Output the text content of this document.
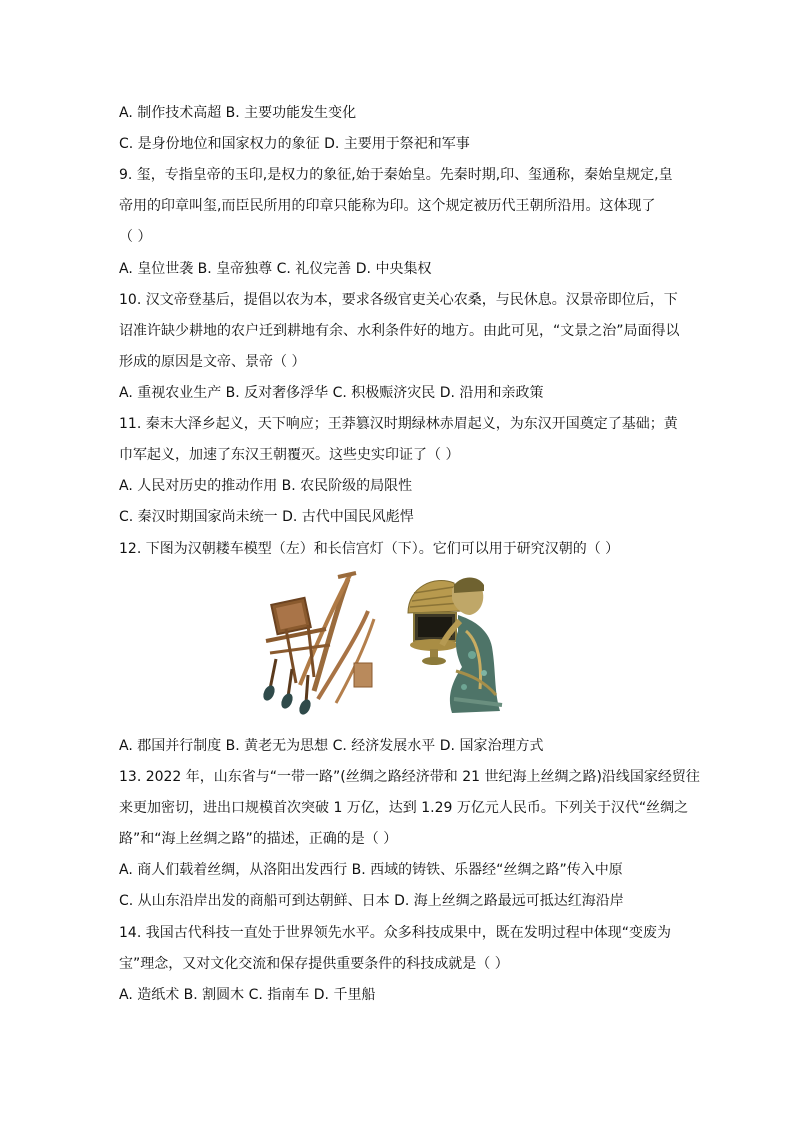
A. 制作技术高超 B. 主要功能发生变化
C. 是身份地位和国家权力的象征 D. 主要用于祭祀和军事
9. 玺，专指皇帝的玉印,是权力的象征,始于秦始皇。先秦时期,印、玺通称，秦始皇规定,皇
帝用的印章叫玺,而臣民所用的印章只能称为印。这个规定被历代王朝所沿用。这体现了
（ ）
A. 皇位世袭 B. 皇帝独尊 C. 礼仪完善 D. 中央集权
10. 汉文帝登基后，提倡以农为本，要求各级官吏关心农桑，与民休息。汉景帝即位后，下
诏准许缺少耕地的农户迁到耕地有余、水利条件好的地方。由此可见，“文景之治”局面得以
形成的原因是文帝、景帝（ ）
A. 重视农业生产 B. 反对奢侈浮华 C. 积极赈济灾民 D. 沿用和亲政策
11. 秦末大泽乡起义，天下响应；王莽篡汉时期绿林赤眉起义，为东汉开国奠定了基础；黄
巾军起义，加速了东汉王朝覆灭。这些史实印证了（ ）
A. 人民对历史的推动作用 B. 农民阶级的局限性
C. 秦汉时期国家尚未统一 D. 古代中国民风彪悍
12. 下图为汉朝耧车模型（左）和长信宫灯（下）。它们可以用于研究汉朝的（ ）
A. 郡国并行制度 B. 黄老无为思想 C. 经济发展水平 D. 国家治理方式
13. 2022 年，山东省与“一带一路”(丝绸之路经济带和 21 世纪海上丝绸之路)沿线国家经贸往
来更加密切，进出口规模首次突破 1 万亿，达到 1.29 万亿元人民币。下列关于汉代“丝绸之
路”和“海上丝绸之路”的描述，正确的是（ ）
A. 商人们载着丝绸，从洛阳出发西行 B. 西域的铸铁、乐器经“丝绸之路”传入中原
C. 从山东沿岸出发的商船可到达朝鲜、日本 D. 海上丝绸之路最远可抵达红海沿岸
14. 我国古代科技一直处于世界领先水平。众多科技成果中，既在发明过程中体现“变废为
宝”理念，又对文化交流和保存提供重要条件的科技成就是（ ）
A. 造纸术 B. 割圆木 C. 指南车 D. 千里船
